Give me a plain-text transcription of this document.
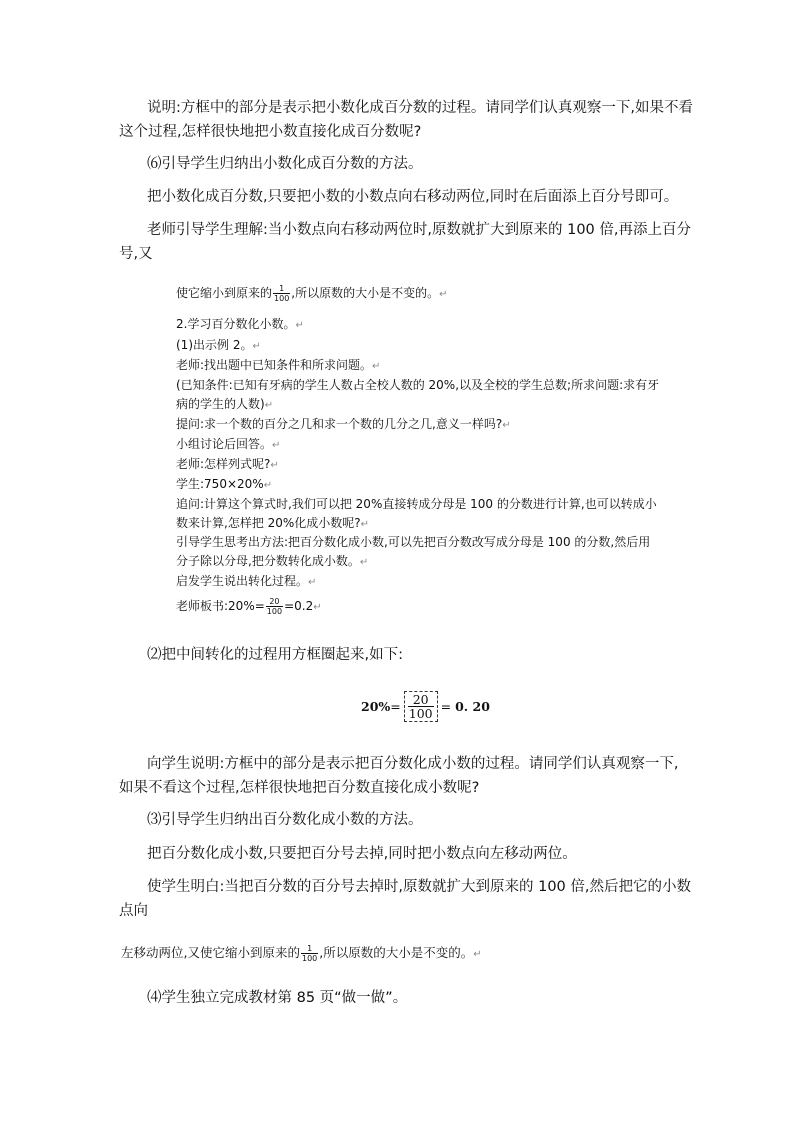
说明:方框中的部分是表示把小数化成百分数的过程。请同学们认真观察一下,如果不看

这个过程,怎样很快地把小数直接化成百分数呢?

⑹引导学生归纳出小数化成百分数的方法。

把小数化成百分数,只要把小数的小数点向右移动两位,同时在后面添上百分号即可。

老师引导学生理解:当小数点向右移动两位时,原数就扩大到原来的 100 倍,再添上百分

号,又

使它缩小到原来的 $\frac{1}{100}$ ,所以原数的大小是不变的。↵

2.学习百分数化小数。↵

(1)出示例 2。↵

老师:找出题中已知条件和所求问题。↵

(已知条件:已知有牙病的学生人数占全校人数的 20%,以及全校的学生总数;所求问题:求有牙

病的学生的人数)↵

提问:求一个数的百分之几和求一个数的几分之几,意义一样吗?↵

小组讨论后回答。↵

老师:怎样列式呢?↵

学生:750×20%↵

追问:计算这个算式时,我们可以把 20%直接转成分母是 100 的分数进行计算,也可以转成小

数来计算,怎样把 20%化成小数呢?↵

引导学生思考出方法:把百分数化成小数,可以先把百分数改写成分母是 100 的分数,然后用

分子除以分母,把分数转化成小数。↵

启发学生说出转化过程。↵

老师板书:20%= $\frac{20}{100}$ =0.2↵

⑵把中间转化的过程用方框圈起来,如下:

$20\% = \frac{20}{100} = 0$. 20

向学生说明:方框中的部分是表示把百分数化成小数的过程。请同学们认真观察一下,

如果不看这个过程,怎样很快地把百分数直接化成小数呢?

⑶引导学生归纳出百分数化成小数的方法。

把百分数化成小数,只要把百分号去掉,同时把小数点向左移动两位。

使学生明白:当把百分数的百分号去掉时,原数就扩大到原来的 100 倍,然后把它的小数

点向

左移动两位,又使它缩小到原来的 $\frac{1}{100}$ ,所以原数的大小是不变的。↵

⑷学生独立完成教材第 85 页“做一做”。
